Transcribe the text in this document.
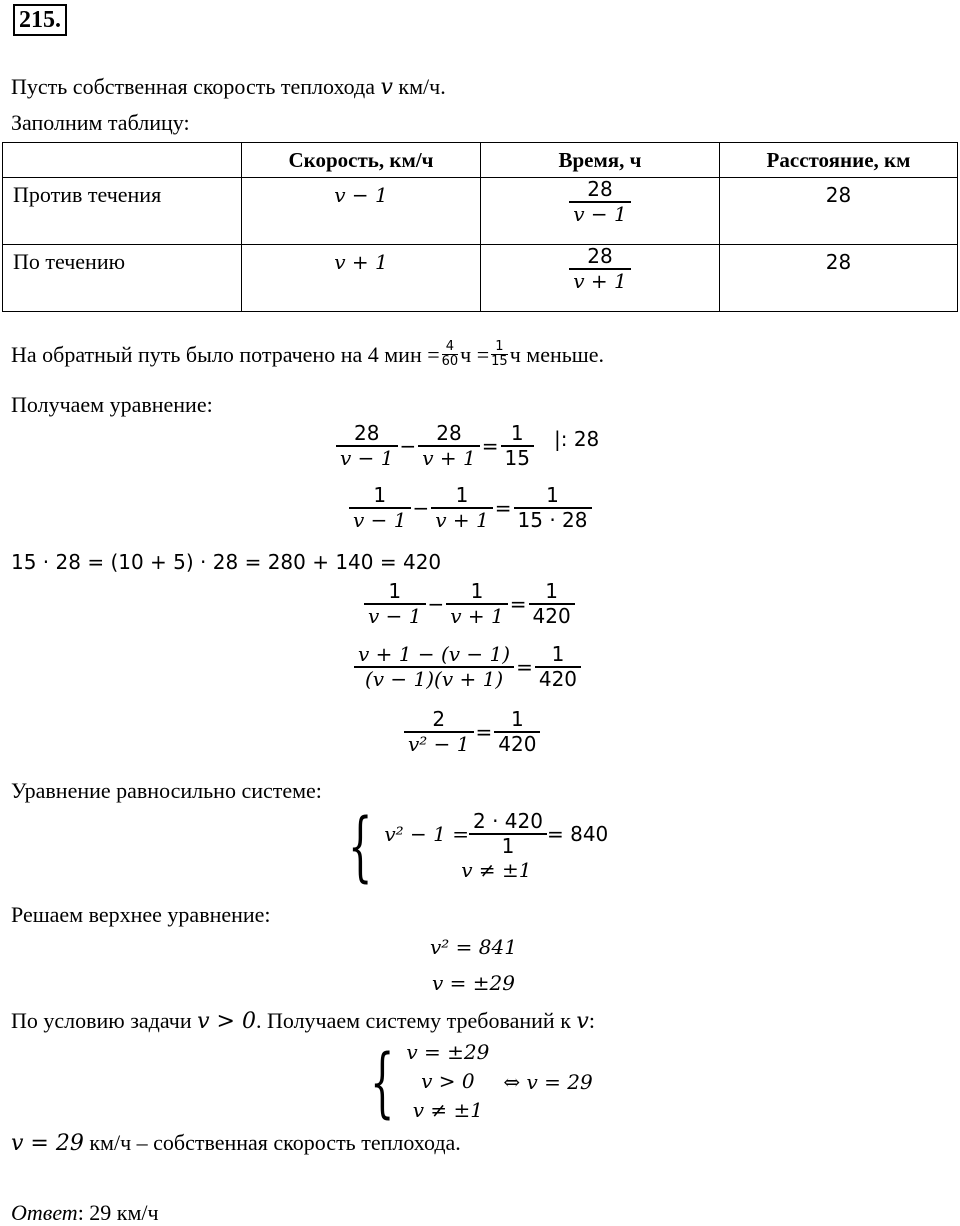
215.
Пусть собственная скорость теплохода v км/ч.
Заполним таблицу:
	Скорость, км/ч	Время, ч	Расстояние, км
Против течения	v − 1	$\frac{28}{v - 1}$	28

По течению	v + 1	$\frac{28}{v + 1}$	28
На обратный путь было потрачено на 4 мин = 4
60 ч = 1
15 ч меньше.
Получаем уравнение:
$\frac{28}{v - 1} - \frac{28}{v + 1} = \frac{1}{15}$ |: 28
$\frac{1}{v - 1} - \frac{1}{v + 1} = \frac{1}{15 \cdot 28}$
15 · 28 = (10 + 5) · 28 = 280 + 140 = 420
$\frac{1}{v - 1} - \frac{1}{v + 1} = \frac{1}{420}$
$\frac{v + 1 - (v - 1)}{(v - 1)(v + 1)} = \frac{1}{420}$
$\frac{2}{\text{v² − 1}} = \frac{1}{420}$
Уравнение равносильно системе:
{ $v^2 - 1 = \frac{2 \cdot 420}{1} = 840$
v ≠ ±1
Решаем верхнее уравнение:
v² = 841
v = ±29
По условию задачи v > 0. Получаем систему требований к v:
{ v = ±29
v > 0
v ≠ ±1
⇔ v = 29
v = 29 км/ч – собственная скорость теплохода.
Ответ: 29 км/ч
